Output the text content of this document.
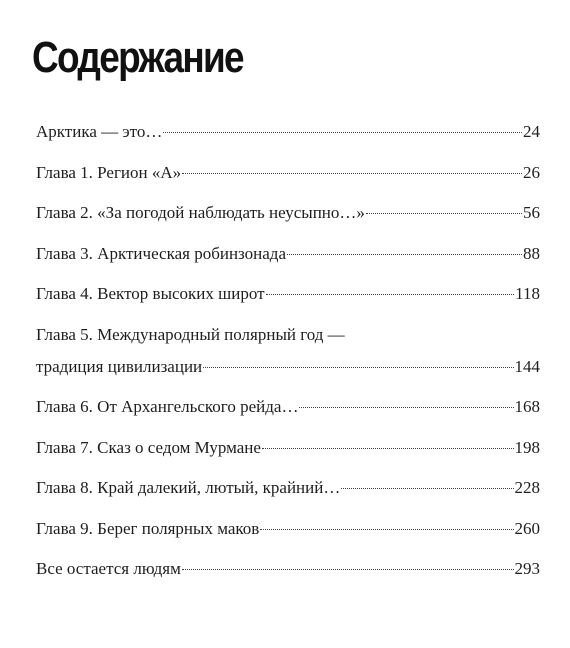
Содержание
Арктика — это…	24
Глава 1. Регион «А»	26
Глава 2. «За погодой наблюдать неусыпно…»	56
Глава 3. Арктическая робинзонада	88
Глава 4. Вектор высоких широт	118
Глава 5. Международный полярный год —
традиция цивилизации	144
Глава 6. От Архангельского рейда…	168
Глава 7. Сказ о седом Мурмане	198
Глава 8. Край далекий, лютый, крайний…	228
Глава 9. Берег полярных маков	260
Все остается людям	293
